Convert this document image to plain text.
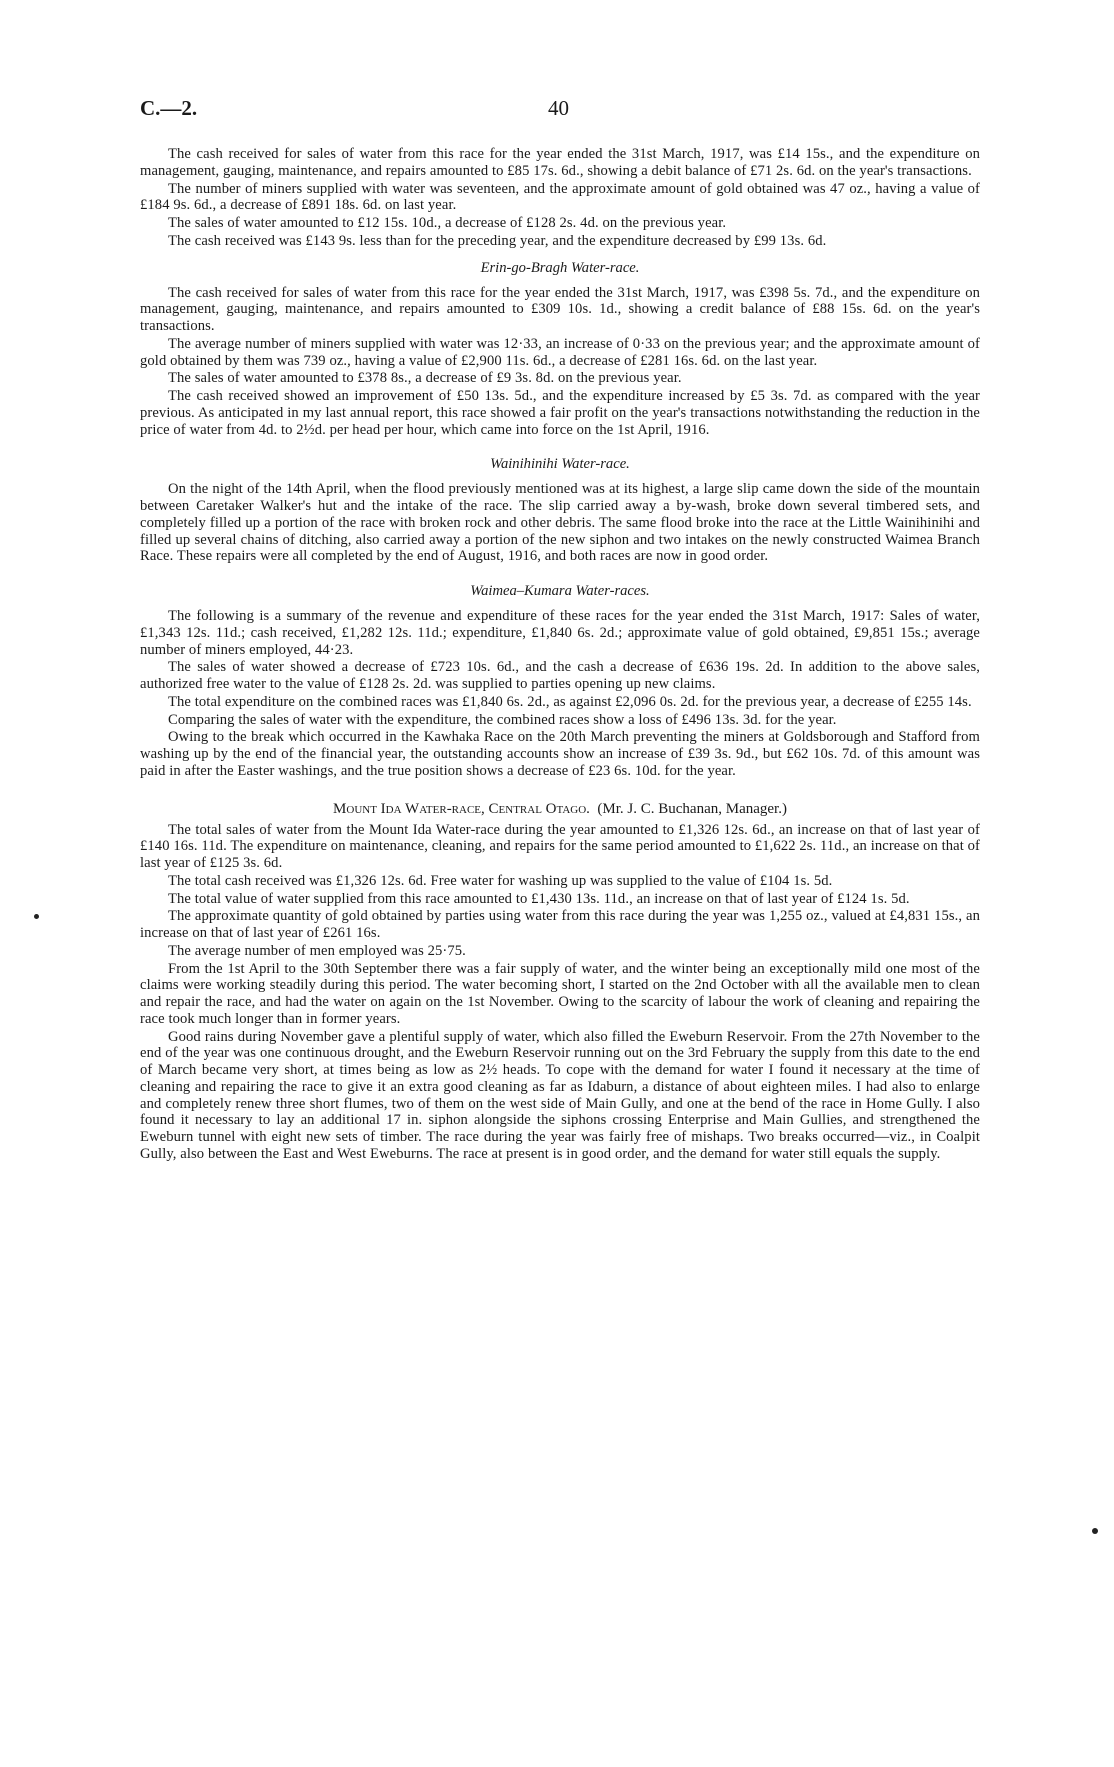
C.—2.	40

The cash received for sales of water from this race for the year ended the 31st March, 1917, was £14 15s., and the expenditure on management, gauging, maintenance, and repairs amounted to £85 17s. 6d., showing a debit balance of £71 2s. 6d. on the year's transactions.

The number of miners supplied with water was seventeen, and the approximate amount of gold obtained was 47 oz., having a value of £184 9s. 6d., a decrease of £891 18s. 6d. on last year.

The sales of water amounted to £12 15s. 10d., a decrease of £128 2s. 4d. on the previous year.

The cash received was £143 9s. less than for the preceding year, and the expenditure decreased by £99 13s. 6d.

Erin-go-Bragh Water-race.

The cash received for sales of water from this race for the year ended the 31st March, 1917, was £398 5s. 7d., and the expenditure on management, gauging, maintenance, and repairs amounted to £309 10s. 1d., showing a credit balance of £88 15s. 6d. on the year's transactions.

The average number of miners supplied with water was 12·33, an increase of 0·33 on the previous year; and the approximate amount of gold obtained by them was 739 oz., having a value of £2,900 11s. 6d., a decrease of £281 16s. 6d. on the last year.

The sales of water amounted to £378 8s., a decrease of £9 3s. 8d. on the previous year.

The cash received showed an improvement of £50 13s. 5d., and the expenditure increased by £5 3s. 7d. as compared with the year previous. As anticipated in my last annual report, this race showed a fair profit on the year's transactions notwithstanding the reduction in the price of water from 4d. to 2½d. per head per hour, which came into force on the 1st April, 1916.

Wainihinihi Water-race.

On the night of the 14th April, when the flood previously mentioned was at its highest, a large slip came down the side of the mountain between Caretaker Walker's hut and the intake of the race. The slip carried away a by-wash, broke down several timbered sets, and completely filled up a portion of the race with broken rock and other debris. The same flood broke into the race at the Little Wainihinihi and filled up several chains of ditching, also carried away a portion of the new siphon and two intakes on the newly constructed Waimea Branch Race. These repairs were all completed by the end of August, 1916, and both races are now in good order.

Waimea–Kumara Water-races.

The following is a summary of the revenue and expenditure of these races for the year ended the 31st March, 1917: Sales of water, £1,343 12s. 11d.; cash received, £1,282 12s. 11d.; expenditure, £1,840 6s. 2d.; approximate value of gold obtained, £9,851 15s.; average number of miners employed, 44·23.

The sales of water showed a decrease of £723 10s. 6d., and the cash a decrease of £636 19s. 2d. In addition to the above sales, authorized free water to the value of £128 2s. 2d. was supplied to parties opening up new claims.

The total expenditure on the combined races was £1,840 6s. 2d., as against £2,096 0s. 2d. for the previous year, a decrease of £255 14s.

Comparing the sales of water with the expenditure, the combined races show a loss of £496 13s. 3d. for the year.

Owing to the break which occurred in the Kawhaka Race on the 20th March preventing the miners at Goldsborough and Stafford from washing up by the end of the financial year, the outstanding accounts show an increase of £39 3s. 9d., but £62 10s. 7d. of this amount was paid in after the Easter washings, and the true position shows a decrease of £23 6s. 10d. for the year.

Mount Ida Water-race, Central Otago. (Mr. J. C. Buchanan, Manager.)

The total sales of water from the Mount Ida Water-race during the year amounted to £1,326 12s. 6d., an increase on that of last year of £140 16s. 11d. The expenditure on maintenance, cleaning, and repairs for the same period amounted to £1,622 2s. 11d., an increase on that of last year of £125 3s. 6d.

The total cash received was £1,326 12s. 6d. Free water for washing up was supplied to the value of £104 1s. 5d.

The total value of water supplied from this race amounted to £1,430 13s. 11d., an increase on that of last year of £124 1s. 5d.

The approximate quantity of gold obtained by parties using water from this race during the year was 1,255 oz., valued at £4,831 15s., an increase on that of last year of £261 16s.

The average number of men employed was 25·75.

From the 1st April to the 30th September there was a fair supply of water, and the winter being an exceptionally mild one most of the claims were working steadily during this period. The water becoming short, I started on the 2nd October with all the available men to clean and repair the race, and had the water on again on the 1st November. Owing to the scarcity of labour the work of cleaning and repairing the race took much longer than in former years.

Good rains during November gave a plentiful supply of water, which also filled the Eweburn Reservoir. From the 27th November to the end of the year was one continuous drought, and the Eweburn Reservoir running out on the 3rd February the supply from this date to the end of March became very short, at times being as low as 2½ heads. To cope with the demand for water I found it necessary at the time of cleaning and repairing the race to give it an extra good cleaning as far as Idaburn, a distance of about eighteen miles. I had also to enlarge and completely renew three short flumes, two of them on the west side of Main Gully, and one at the bend of the race in Home Gully. I also found it necessary to lay an additional 17 in. siphon alongside the siphons crossing Enterprise and Main Gullies, and strengthened the Eweburn tunnel with eight new sets of timber. The race during the year was fairly free of mishaps. Two breaks occurred—viz., in Coalpit Gully, also between the East and West Eweburns. The race at present is in good order, and the demand for water still equals the supply.
